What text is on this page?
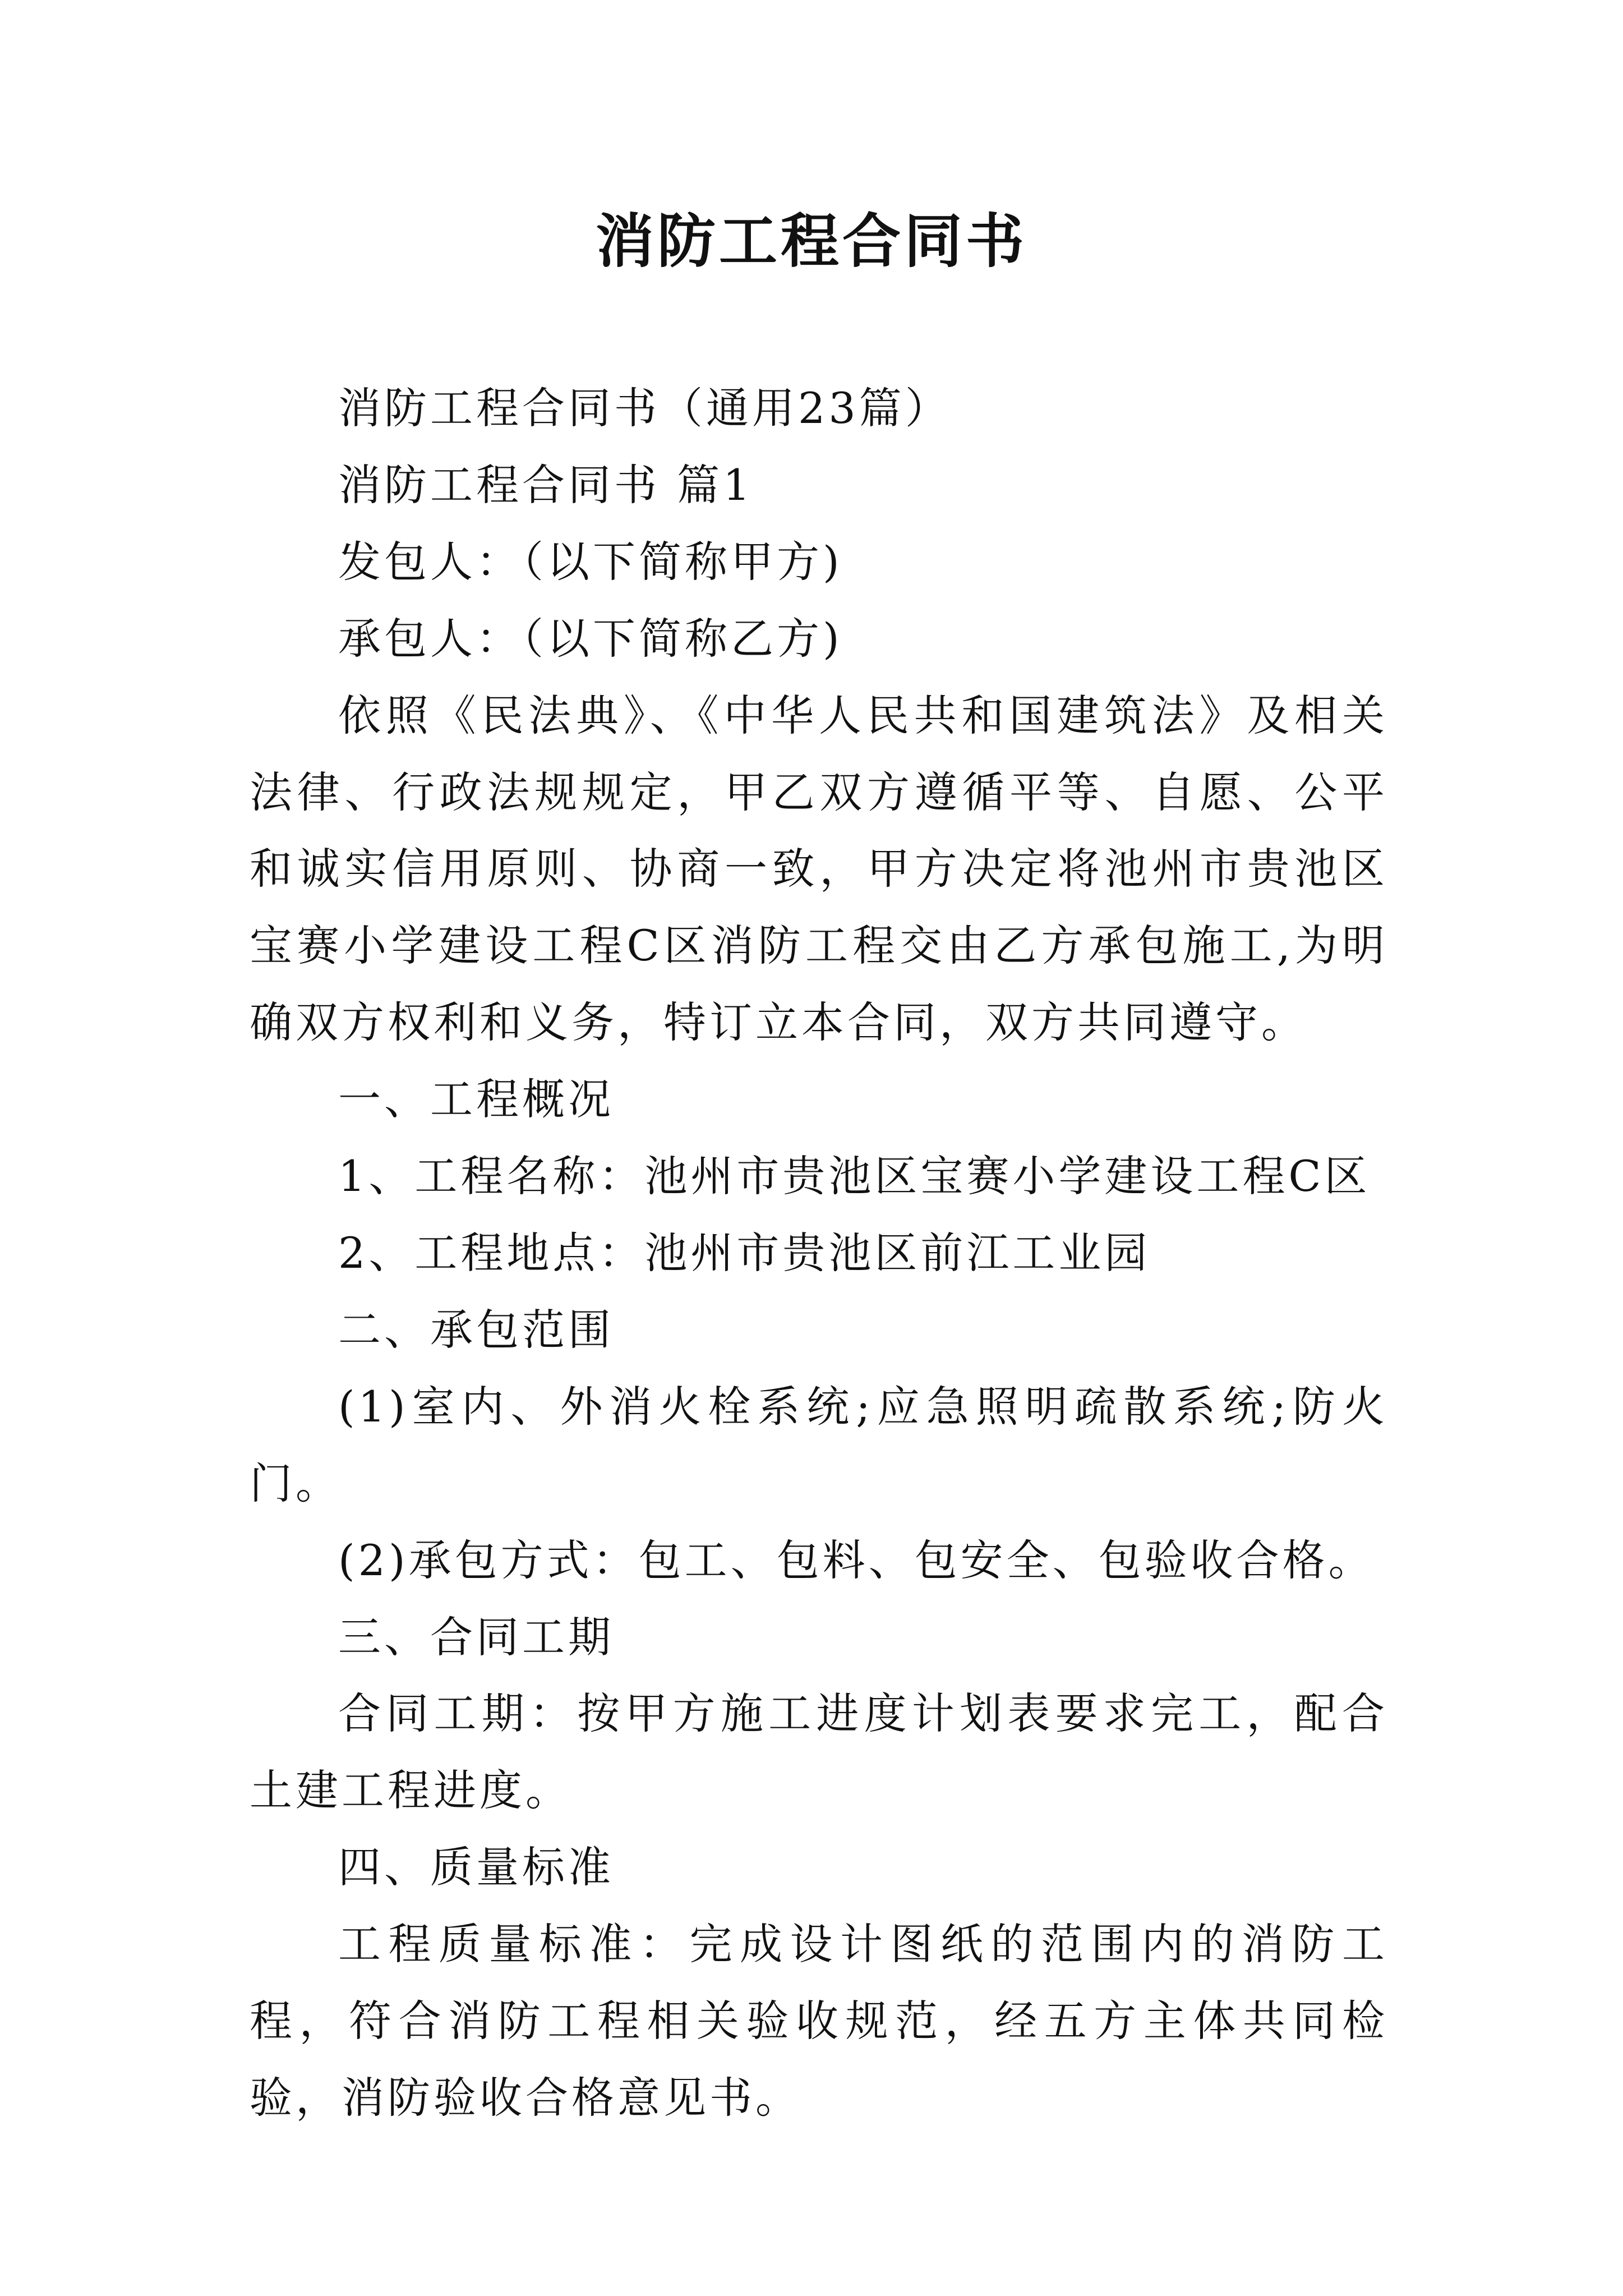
消防工程合同书

消防工程合同书（通用23篇）

消防工程合同书 篇1

发包人：（以下简称甲方)

承包人：（以下简称乙方)

依照《民法典》、《中华人民共和国建筑法》及相关法律、行政法规规定，甲乙双方遵循平等、自愿、公平和诚实信用原则、协商一致，甲方决定将池州市贵池区宝赛小学建设工程C区消防工程交由乙方承包施工,为明确双方权利和义务，特订立本合同，双方共同遵守。

一、工程概况

1、工程名称：池州市贵池区宝赛小学建设工程C区

2、工程地点：池州市贵池区前江工业园

二、承包范围

(1)室内、外消火栓系统;应急照明疏散系统;防火门。

(2)承包方式：包工、包料、包安全、包验收合格。

三、合同工期

合同工期：按甲方施工进度计划表要求完工，配合土建工程进度。

四、质量标准

工程质量标准：完成设计图纸的范围内的消防工程，符合消防工程相关验收规范，经五方主体共同检验，消防验收合格意见书。
